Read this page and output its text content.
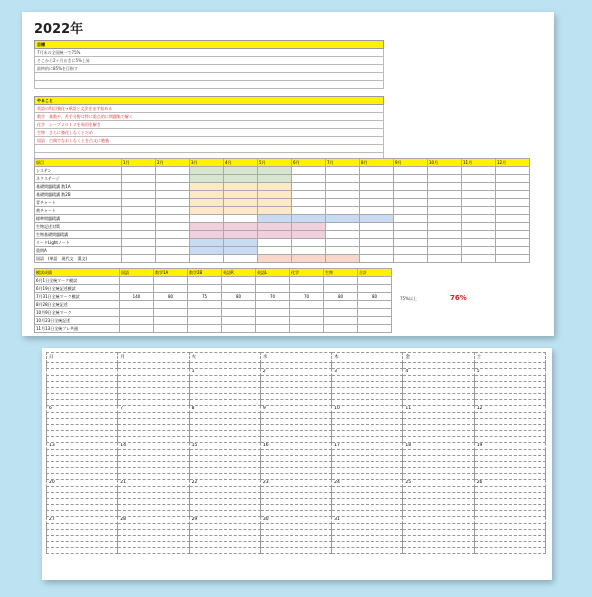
2022年
目標
7月末の全国統一で75%
そこから2ヶ月おきに5%上昇
最終的に85%を目指す
やること
英語の科目強化→単語と文法をまず始める
数学　基数や、苦手分野は特に重点的に問題集で解く
化学　シーブ２０１２を周回を解き
生物　さらに強化しなくとだめ
国語　古典でなおしなくとを古文に勉強
項目	1月	2月	3月	4月	5月	6月	7月	8月	9月	10月	11月	12月
システン												
ネクステージ												
基礎問題精講 数1A												
基礎問題精講 数2B												
青チャート												
黄チャート												
標準問題精講												
生物記述対策												
生物基礎問題精講												
リードLightノート												
重問A												
国語　(単語　現代文　漢文)												
模試成績	国語	数学1A	数学2B	英語R	英語L	化学	生物	合計
6月1日全統マーク模試								
6月19日全統記述模試								
7月31日全統マーク模試	140	80	75	80	70	70	80	80
8月28日全統記述								
10月9日全統マーク								
10月23日全統記述								
11月13日全統プレ共通								
75%以上	76%
日	月	火	水	木	金	土

		1	2	3	4	5

6	7	8	9	10	11	12

13	14	15	16	17	18	19

20	21	22	23	24	25	26

27	28	29	30	31		
